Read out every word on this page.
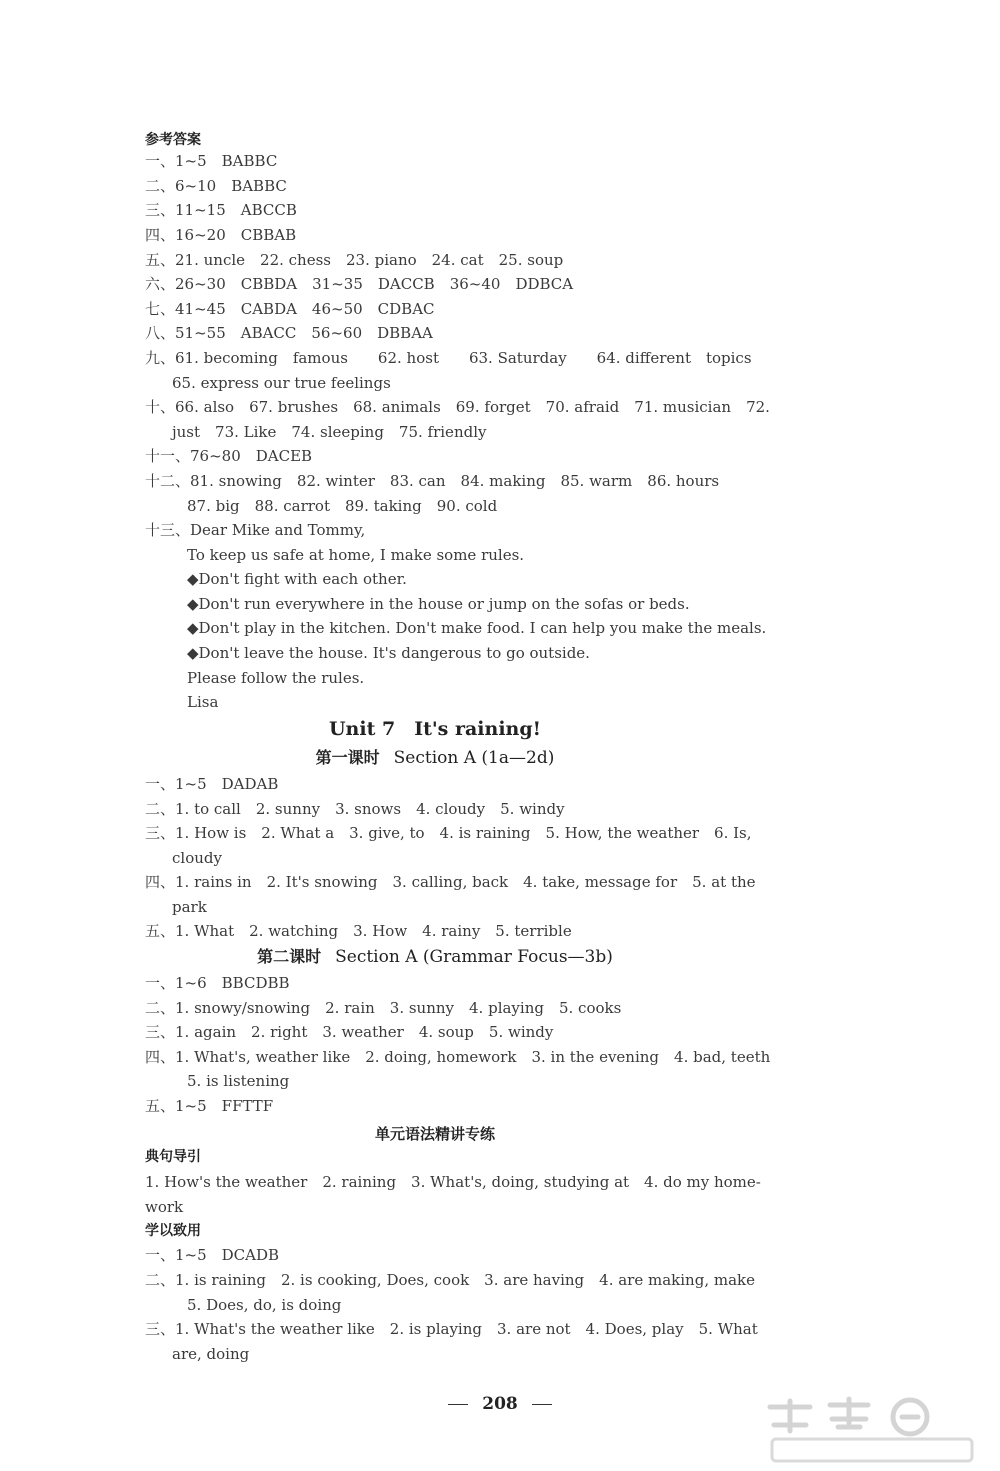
参考答案
一、1~5　BABBC
二、6~10　BABBC
三、11~15　ABCCB
四、16~20　CBBAB
五、21. uncle　22. chess　23. piano　24. cat　25. soup
六、26~30　CBBDA　31~35　DACCB　36~40　DDBCA
七、41~45　CABDA　46~50　CDBAC
八、51~55　ABACC　56~60　DBBAA
九、61. becoming　famous　　62. host　　63. Saturday　　64. different　topics
65. express our true feelings
十、66. also　67. brushes　68. animals　69. forget　70. afraid　71. musician　72.
just　73. Like　74. sleeping　75. friendly
十一、76~80　DACEB
十二、81. snowing　82. winter　83. can　84. making　85. warm　86. hours
87. big　88. carrot　89. taking　90. cold
十三、Dear Mike and Tommy,
To keep us safe at home, I make some rules.
◆Don't fight with each other.
◆Don't run everywhere in the house or jump on the sofas or beds.
◆Don't play in the kitchen. Don't make food. I can help you make the meals.
◆Don't leave the house. It's dangerous to go outside.
Please follow the rules.
Lisa
Unit 7　It's raining!
第一课时 Section A (1a—2d)
一、1~5　DADAB
二、1. to call　2. sunny　3. snows　4. cloudy　5. windy
三、1. How is　2. What a　3. give, to　4. is raining　5. How, the weather　6. Is,
cloudy
四、1. rains in　2. It's snowing　3. calling, back　4. take, message for　5. at the
park
五、1. What　2. watching　3. How　4. rainy　5. terrible
第二课时 Section A (Grammar Focus—3b)
一、1~6　BBCDBB
二、1. snowy/snowing　2. rain　3. sunny　4. playing　5. cooks
三、1. again　2. right　3. weather　4. soup　5. windy
四、1. What's, weather like　2. doing, homework　3. in the evening　4. bad, teeth
5. is listening
五、1~5　FFTTF
单元语法精讲专练
典句导引
1. How's the weather　2. raining　3. What's, doing, studying at　4. do my home-
work
学以致用
一、1~5　DCADB
二、1. is raining　2. is cooking, Does, cook　3. are having　4. are making, make
5. Does, do, is doing
三、1. What's the weather like　2. is playing　3. are not　4. Does, play　5. What
are, doing
208
